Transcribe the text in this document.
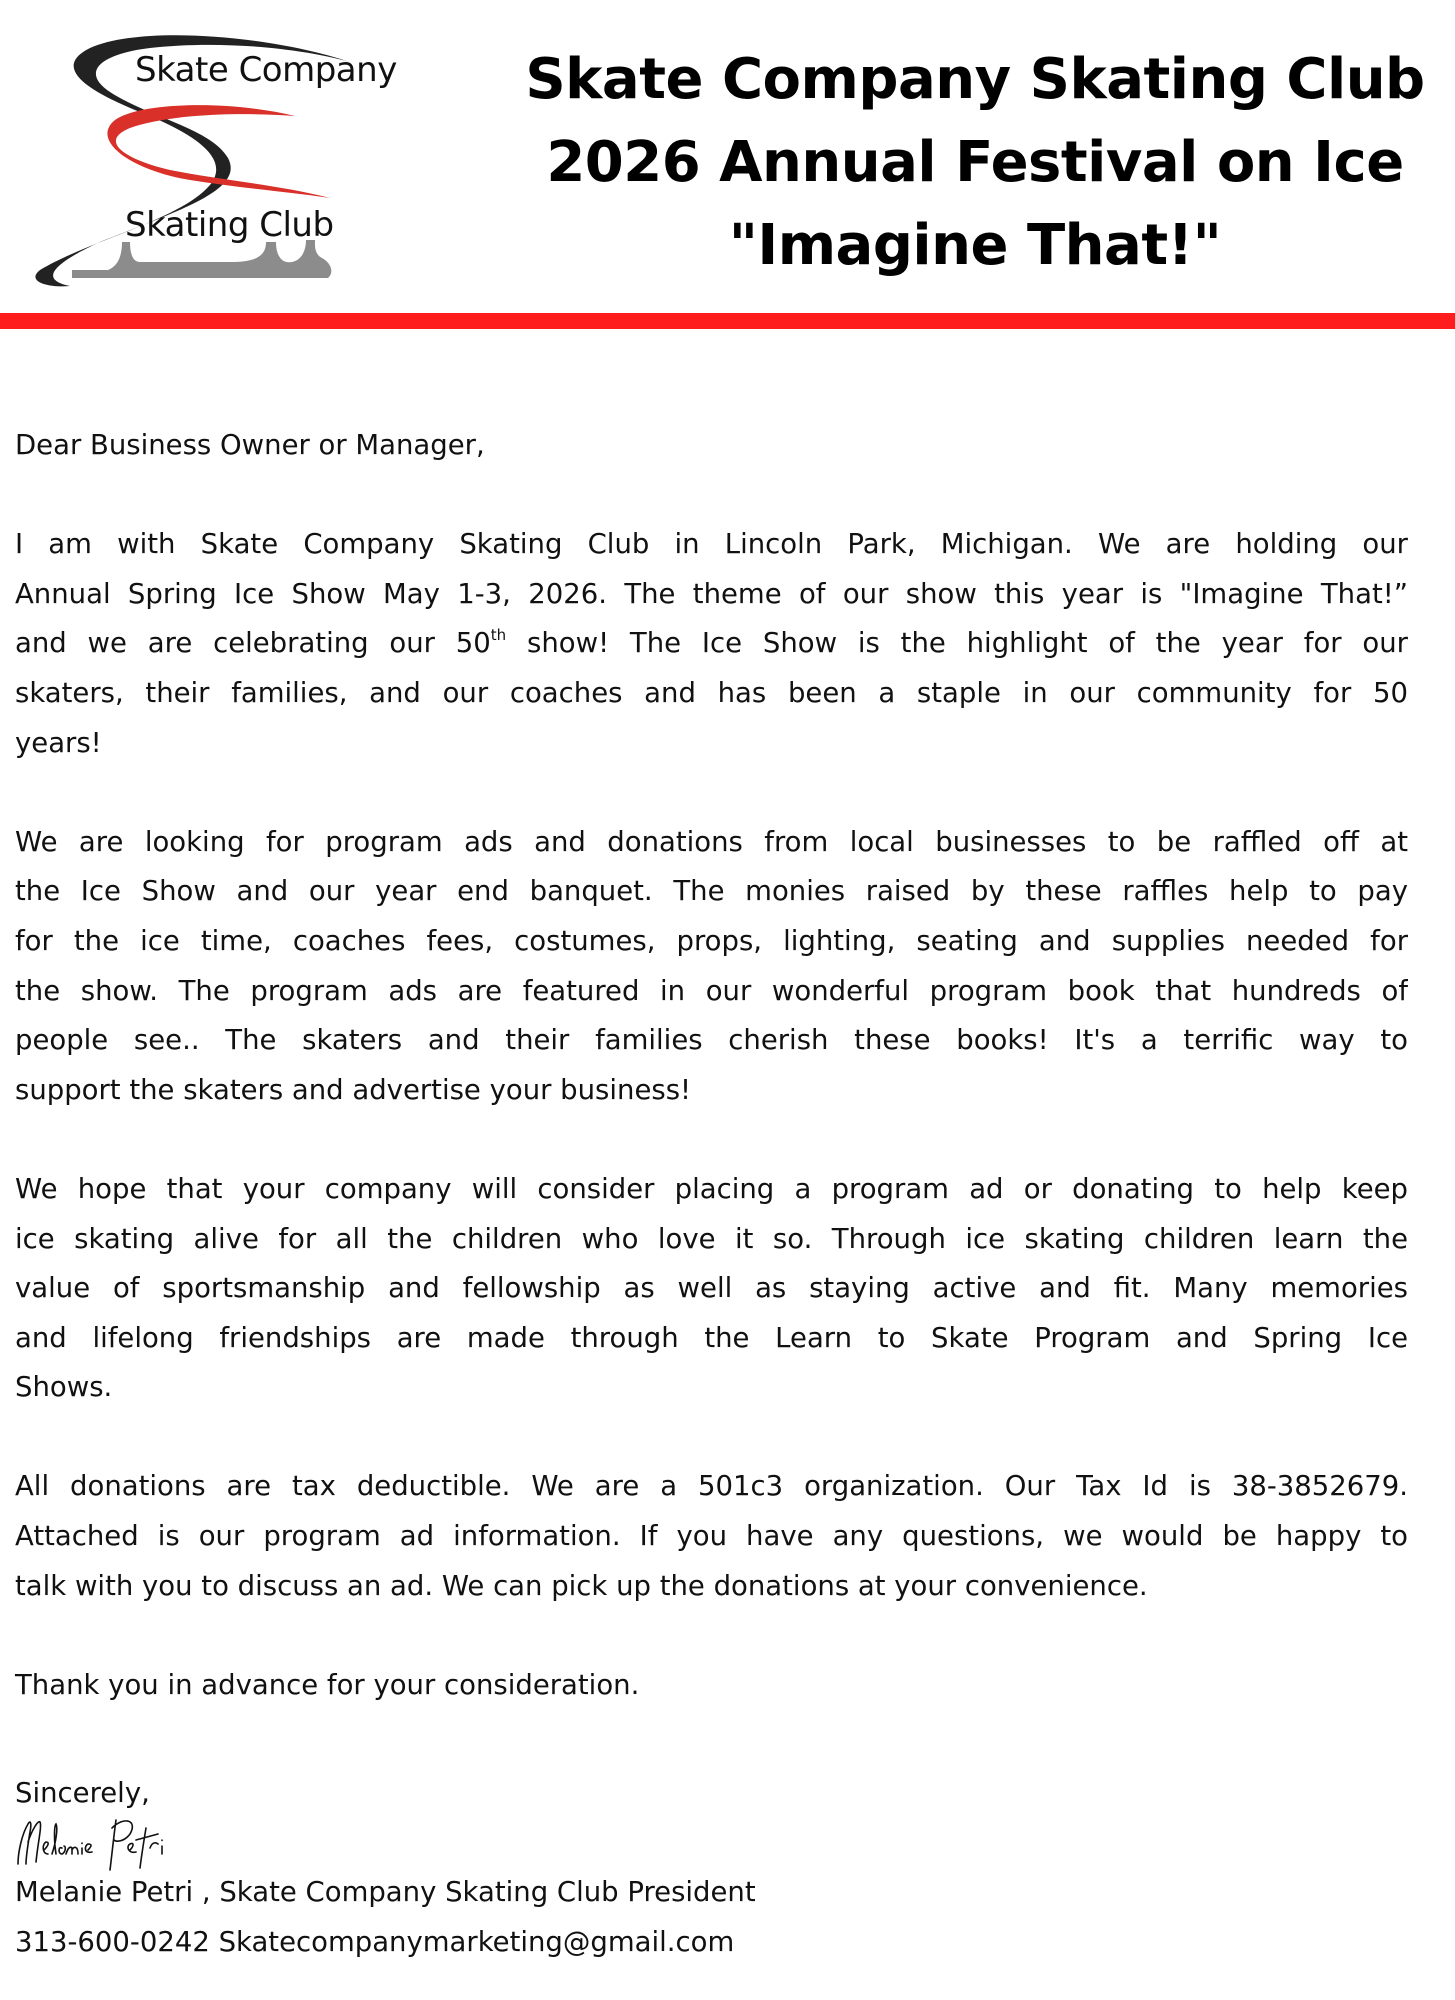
Skate Company
Skating Club
Skate Company Skating Club
2026 Annual Festival on Ice
"Imagine That!"
Dear Business Owner or Manager,
I am with Skate Company Skating Club in Lincoln Park, Michigan. We are holding our
Annual Spring Ice Show May 1-3, 2026. The theme of our show this year is "Imagine That!”
and we are celebrating our 50th show! The Ice Show is the highlight of the year for our
skaters, their families, and our coaches and has been a staple in our community for 50
years!
We are looking for program ads and donations from local businesses to be raffled off at
the Ice Show and our year end banquet. The monies raised by these raffles help to pay
for the ice time, coaches fees, costumes, props, lighting, seating and supplies needed for
the show. The program ads are featured in our wonderful program book that hundreds of
people see.. The skaters and their families cherish these books! It's a terrific way to
support the skaters and advertise your business!
We hope that your company will consider placing a program ad or donating to help keep
ice skating alive for all the children who love it so. Through ice skating children learn the
value of sportsmanship and fellowship as well as staying active and fit. Many memories
and lifelong friendships are made through the Learn to Skate Program and Spring Ice
Shows.
All donations are tax deductible. We are a 501c3 organization. Our Tax Id is 38-3852679.
Attached is our program ad information. If you have any questions, we would be happy to
talk with you to discuss an ad. We can pick up the donations at your convenience.
Thank you in advance for your consideration.
Sincerely,
Melanie Petri , Skate Company Skating Club President
313-600-0242 Skatecompanymarketing@gmail.com
